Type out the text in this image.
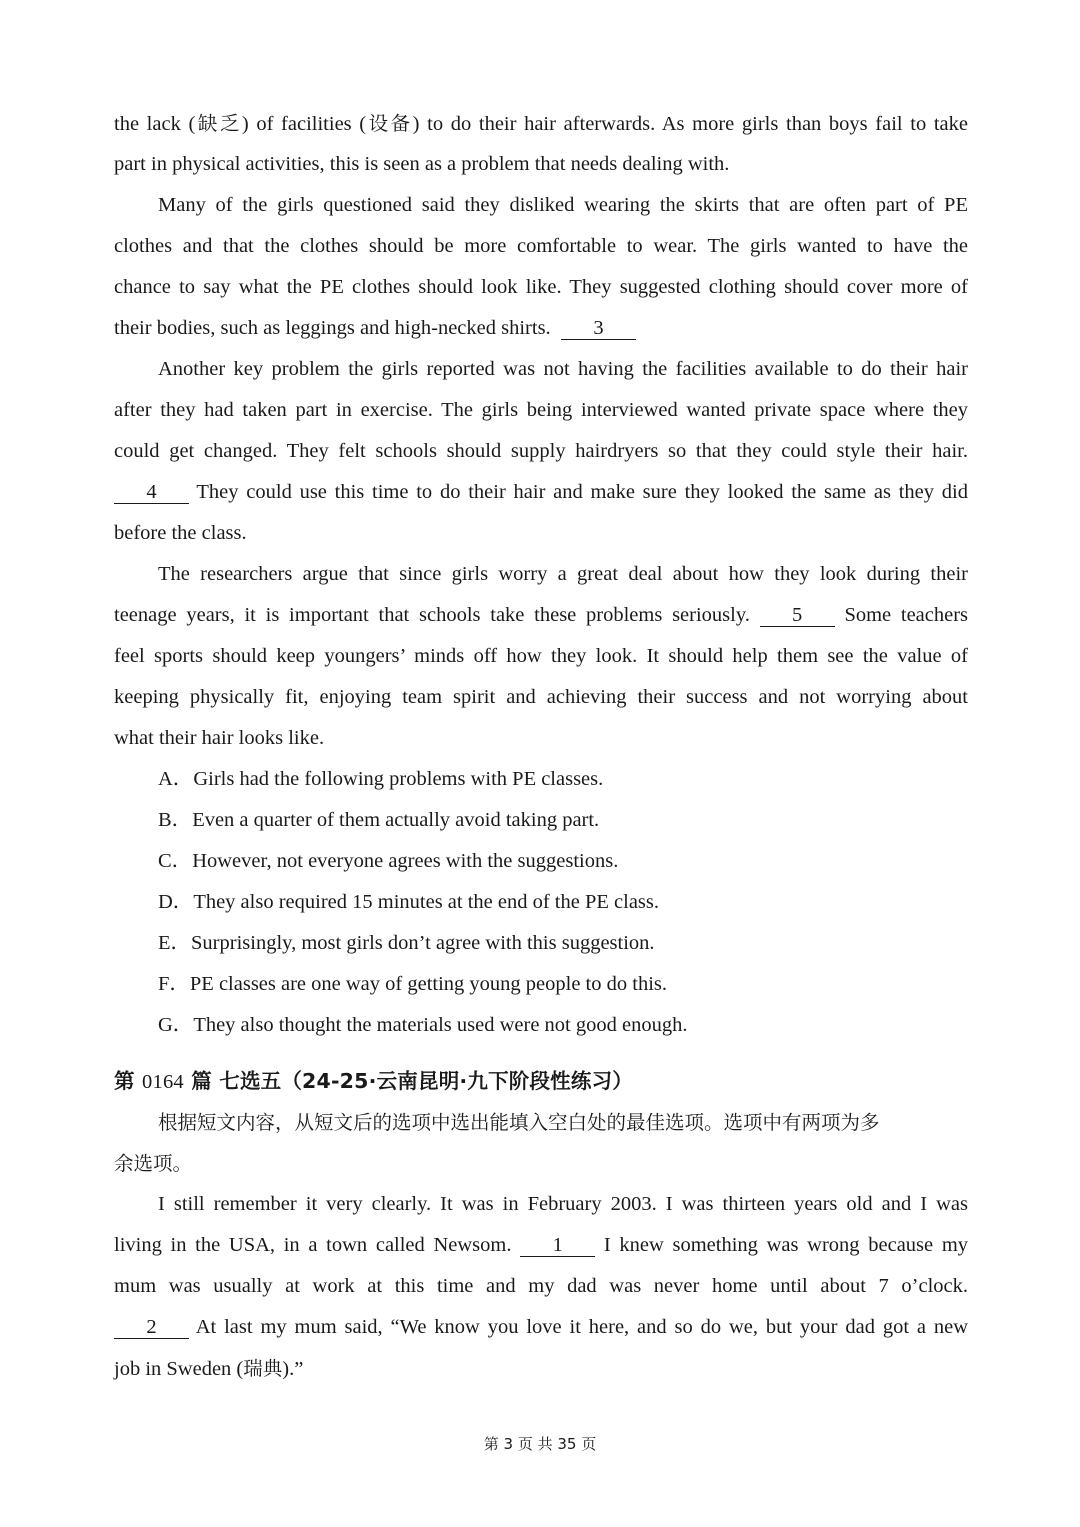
the lack (缺乏) of facilities (设备) to do their hair afterwards. As more girls than boys fail to take
part in physical activities, this is seen as a problem that needs dealing with.
Many of the girls questioned said they disliked wearing the skirts that are often part of PE
clothes and that the clothes should be more comfortable to wear. The girls wanted to have the
chance to say what the PE clothes should look like. They suggested clothing should cover more of
their bodies, such as leggings and high-necked shirts. 3
Another key problem the girls reported was not having the facilities available to do their hair
after they had taken part in exercise. The girls being interviewed wanted private space where they
could get changed. They felt schools should supply hairdryers so that they could style their hair.
4 They could use this time to do their hair and make sure they looked the same as they did
before the class.
The researchers argue that since girls worry a great deal about how they look during their
teenage years, it is important that schools take these problems seriously. 5 Some teachers
feel sports should keep youngers’ minds off how they look. It should help them see the value of
keeping physically fit, enjoying team spirit and achieving their success and not worrying about
what their hair looks like.
A．Girls had the following problems with PE classes.
B．Even a quarter of them actually avoid taking part.
C．However, not everyone agrees with the suggestions.
D．They also required 15 minutes at the end of the PE class.
E．Surprisingly, most girls don’t agree with this suggestion.
F．PE classes are one way of getting young people to do this.
G．They also thought the materials used were not good enough.
第 0164 篇 七选五（24-25·云南昆明·九下阶段性练习）
根据短文内容，从短文后的选项中选出能填入空白处的最佳选项。选项中有两项为多
余选项。
I still remember it very clearly. It was in February 2003. I was thirteen years old and I was
living in the USA, in a town called Newsom. 1 I knew something was wrong because my
mum was usually at work at this time and my dad was never home until about 7 o’clock.
2 At last my mum said, “We know you love it here, and so do we, but your dad got a new
job in Sweden (瑞典).”
第 3 页 共 35 页
